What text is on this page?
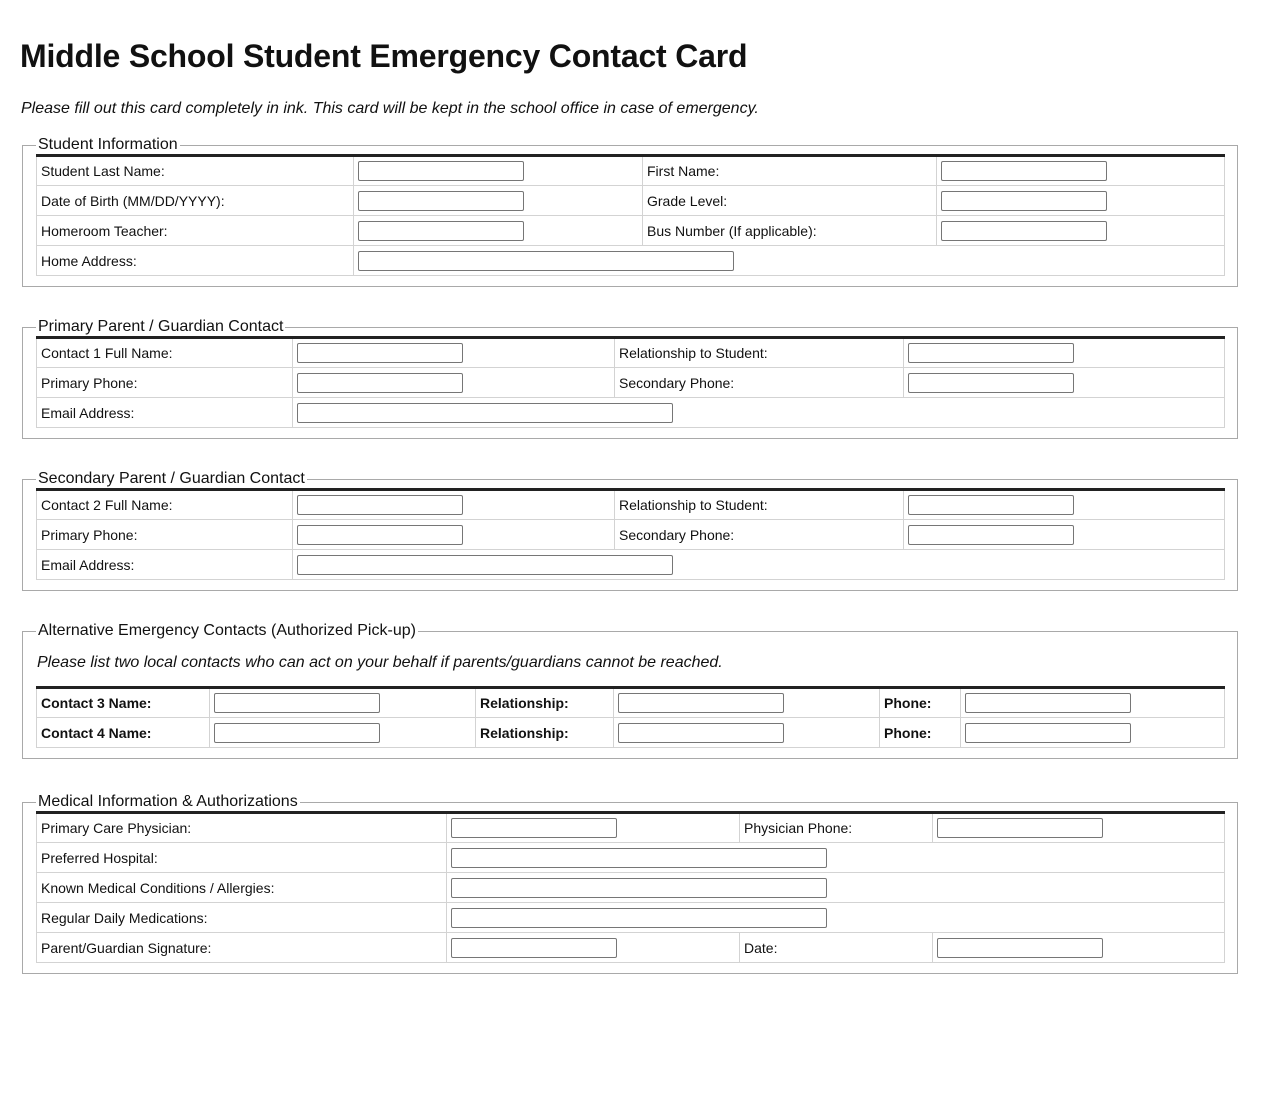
Middle School Student Emergency Contact Card

Please fill out this card completely in ink. This card will be kept in the school office in case of emergency.

Student Information
Student Last Name:		First Name:	
Date of Birth (MM/DD/YYYY):		Grade Level:	
Homeroom Teacher:		Bus Number (If applicable):	
Home Address:			
Primary Parent / Guardian Contact
Contact 1 Full Name:		Relationship to Student:	
Primary Phone:		Secondary Phone:	
Email Address:			
Secondary Parent / Guardian Contact
Contact 2 Full Name:		Relationship to Student:	
Primary Phone:		Secondary Phone:	
Email Address:			
Alternative Emergency Contacts (Authorized Pick-up)

Please list two local contacts who can act on your behalf if parents/guardians cannot be reached.

Contact 3 Name:		Relationship:		Phone:	
Contact 4 Name:		Relationship:		Phone:	
Medical Information & Authorizations
Primary Care Physician:		Physician Phone:	
Preferred Hospital:			
Known Medical Conditions / Allergies:			
Regular Daily Medications:			
Parent/Guardian Signature:		Date:	
